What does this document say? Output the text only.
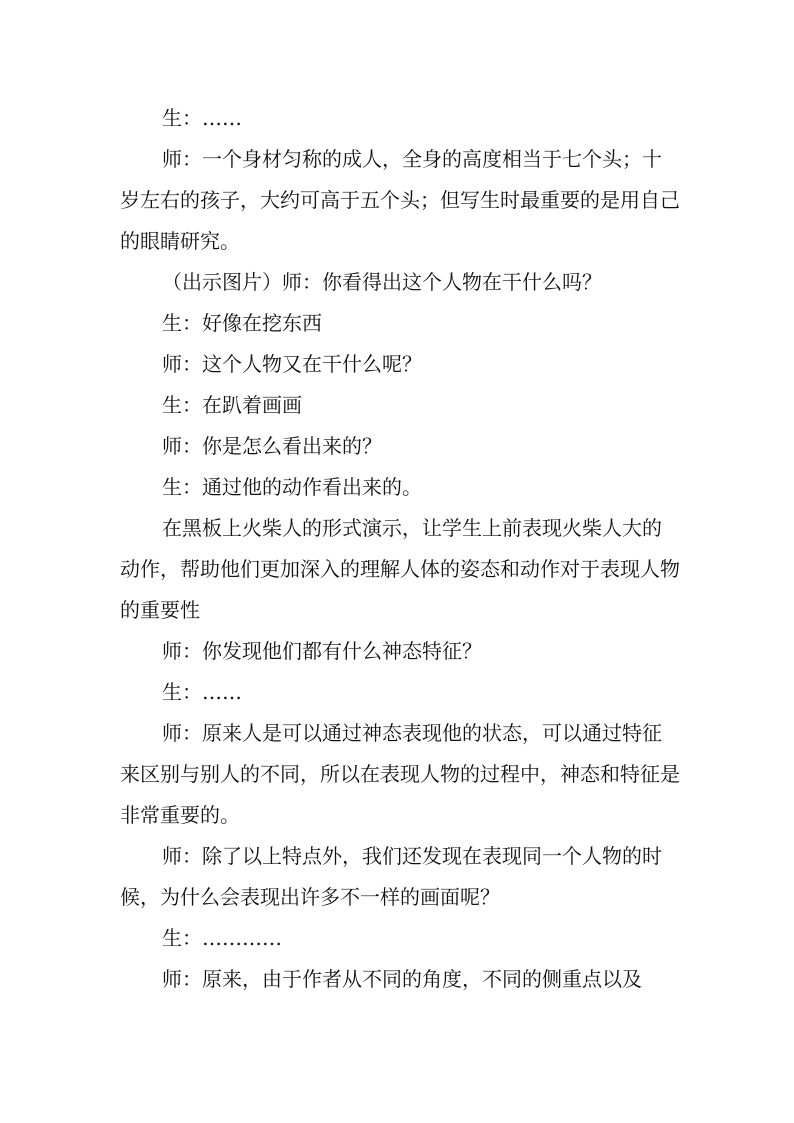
生：……

师：一个身材匀称的成人，全身的高度相当于七个头；十岁左右的孩子，大约可高于五个头；但写生时最重要的是用自己的眼睛研究。

（出示图片）师：你看得出这个人物在干什么吗？

生：好像在挖东西

师：这个人物又在干什么呢？

生：在趴着画画

师：你是怎么看出来的？

生：通过他的动作看出来的。

在黑板上火柴人的形式演示，让学生上前表现火柴人大的动作，帮助他们更加深入的理解人体的姿态和动作对于表现人物的重要性

师：你发现他们都有什么神态特征？

生：……

师：原来人是可以通过神态表现他的状态，可以通过特征来区别与别人的不同，所以在表现人物的过程中，神态和特征是非常重要的。

师：除了以上特点外，我们还发现在表现同一个人物的时候，为什么会表现出许多不一样的画面呢？

生：…………

师：原来，由于作者从不同的角度，不同的侧重点以及
